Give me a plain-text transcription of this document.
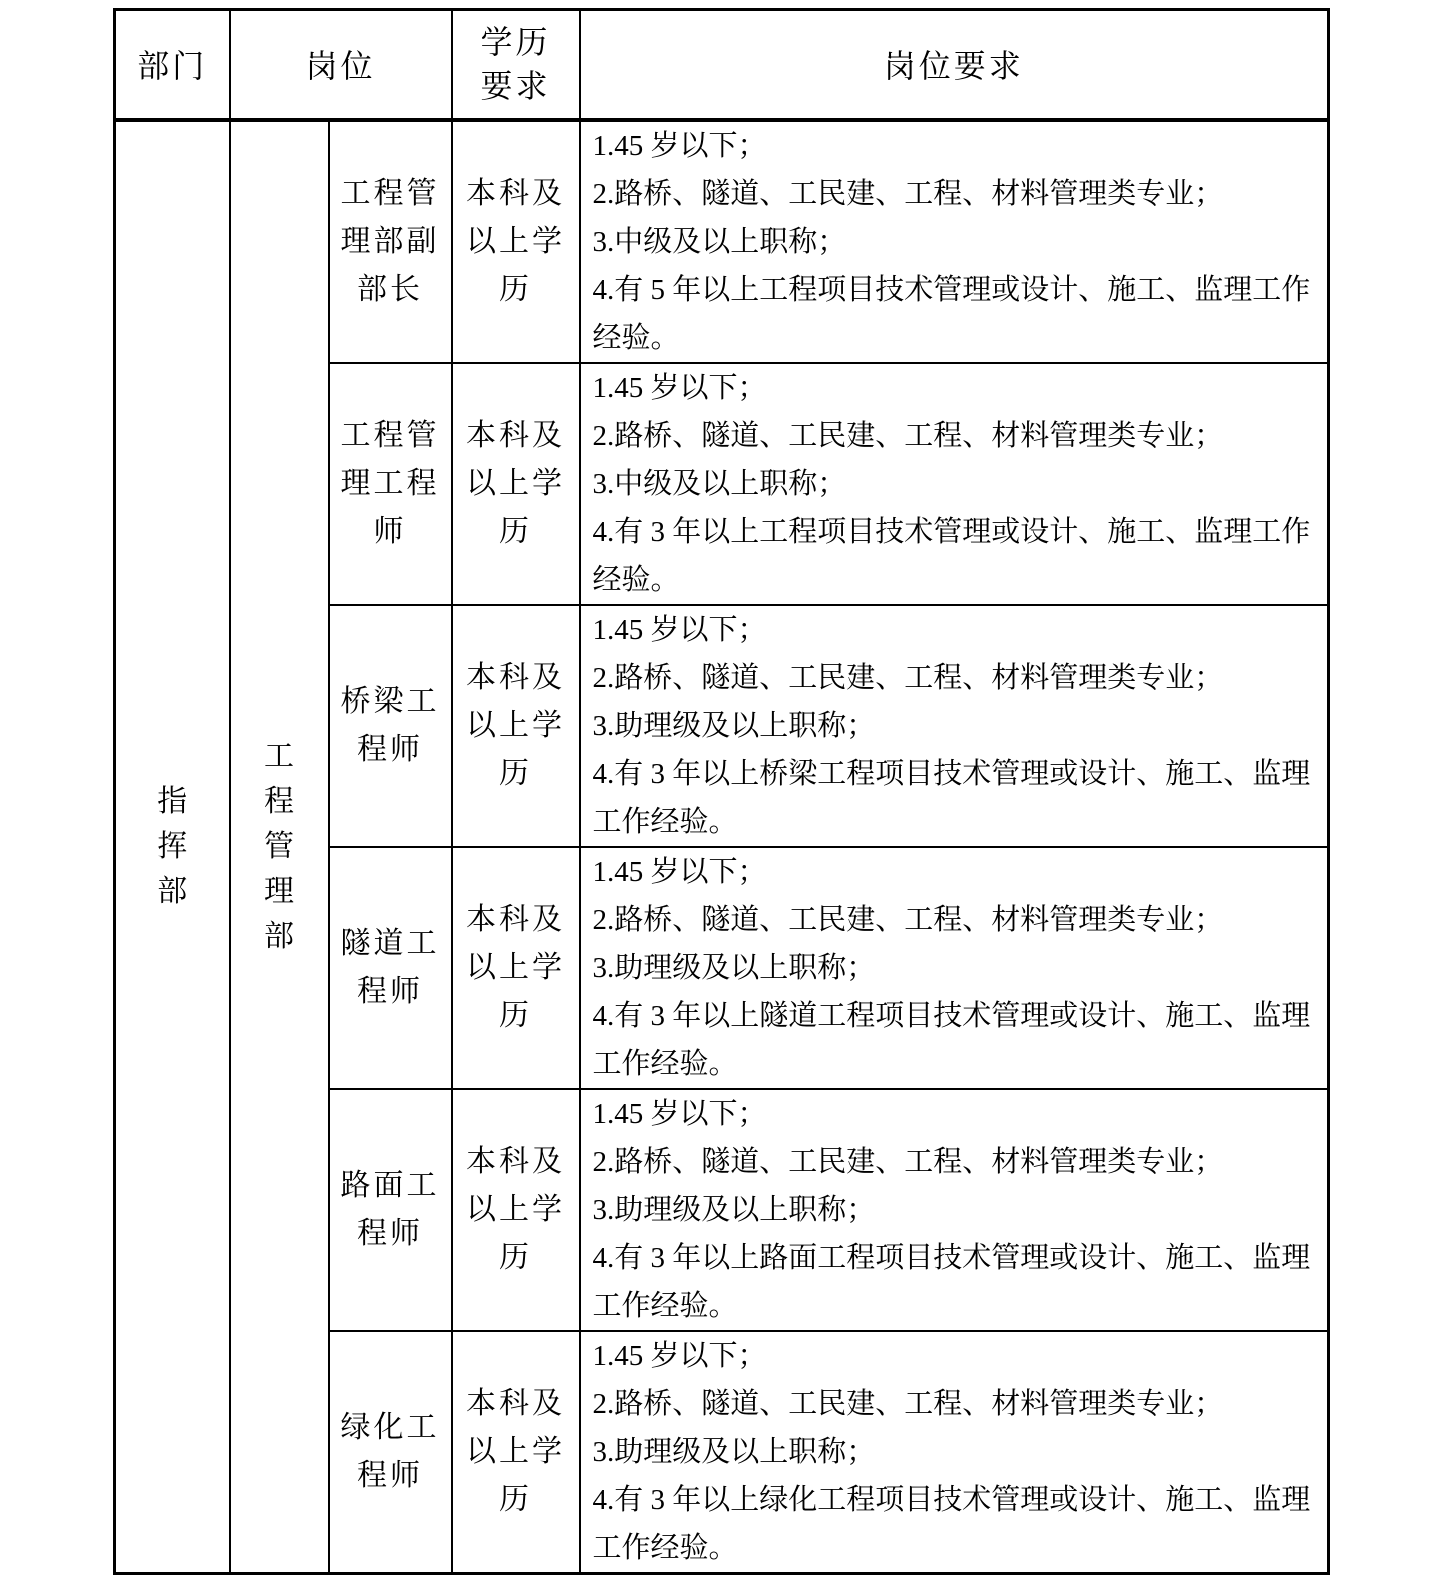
部门	岗位		学历要求	岗位要求

指挥部	工程管理部	工程管理部副部长	本科及以上学历	1.45 岁以下；

2.路桥、隧道、工民建、工程、材料管理类专业；

3.中级及以上职称；

4.有 5 年以上工程项目技术管理或设计、施工、监理工作经验。

		工程管理工程师	本科及以上学历	1.45 岁以下；

2.路桥、隧道、工民建、工程、材料管理类专业；

3.中级及以上职称；

4.有 3 年以上工程项目技术管理或设计、施工、监理工作经验。

		桥梁工程师	本科及以上学历	1.45 岁以下；

2.路桥、隧道、工民建、工程、材料管理类专业；

3.助理级及以上职称；

4.有 3 年以上桥梁工程项目技术管理或设计、施工、监理工作经验。

		隧道工程师	本科及以上学历	1.45 岁以下；

2.路桥、隧道、工民建、工程、材料管理类专业；

3.助理级及以上职称；

4.有 3 年以上隧道工程项目技术管理或设计、施工、监理工作经验。

		路面工程师	本科及以上学历	1.45 岁以下；

2.路桥、隧道、工民建、工程、材料管理类专业；

3.助理级及以上职称；

4.有 3 年以上路面工程项目技术管理或设计、施工、监理工作经验。

		绿化工程师	本科及以上学历	1.45 岁以下；

2.路桥、隧道、工民建、工程、材料管理类专业；

3.助理级及以上职称；

4.有 3 年以上绿化工程项目技术管理或设计、施工、监理工作经验。
